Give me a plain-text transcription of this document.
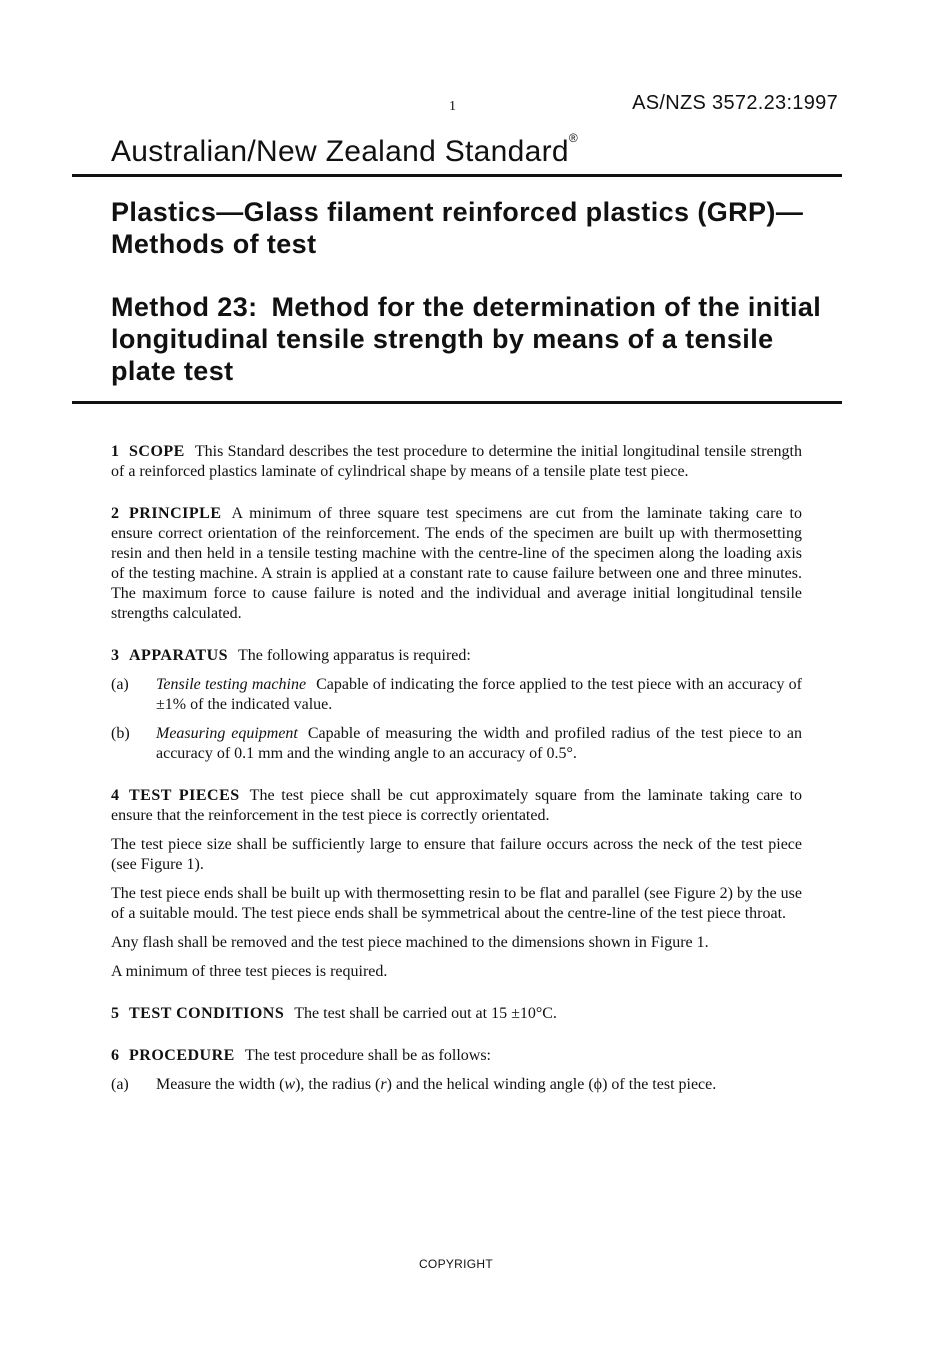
1	AS/NZS 3572.23:1997
Australian/New Zealand Standard®

Plastics—Glass filament reinforced plastics (GRP)—Methods of test

Method 23: Method for the determination of the initial longitudinal tensile strength by means of a tensile plate test

1 SCOPE This Standard describes the test procedure to determine the initial longitudinal tensile strength of a reinforced plastics laminate of cylindrical shape by means of a tensile plate test piece.

2 PRINCIPLE A minimum of three square test specimens are cut from the laminate taking care to ensure correct orientation of the reinforcement. The ends of the specimen are built up with thermosetting resin and then held in a tensile testing machine with the centre-line of the specimen along the loading axis of the testing machine. A strain is applied at a constant rate to cause failure between one and three minutes. The maximum force to cause failure is noted and the individual and average initial longitudinal tensile strengths calculated.

3 APPARATUS The following apparatus is required:

(a)	Tensile testing machine Capable of indicating the force applied to the test piece with an accuracy of ±1% of the indicated value.
(b)	Measuring equipment Capable of measuring the width and profiled radius of the test piece to an accuracy of 0.1 mm and the winding angle to an accuracy of 0.5°.

4 TEST PIECES The test piece shall be cut approximately square from the laminate taking care to ensure that the reinforcement in the test piece is correctly orientated.

The test piece size shall be sufficiently large to ensure that failure occurs across the neck of the test piece (see Figure 1).

The test piece ends shall be built up with thermosetting resin to be flat and parallel (see Figure 2) by the use of a suitable mould. The test piece ends shall be symmetrical about the centre-line of the test piece throat.

Any flash shall be removed and the test piece machined to the dimensions shown in Figure 1.

A minimum of three test pieces is required.

5 TEST CONDITIONS The test shall be carried out at 15 ±10°C.

6 PROCEDURE The test procedure shall be as follows:

(a)	Measure the width (w), the radius (r) and the helical winding angle (ϕ) of the test piece.
COPYRIGHT
